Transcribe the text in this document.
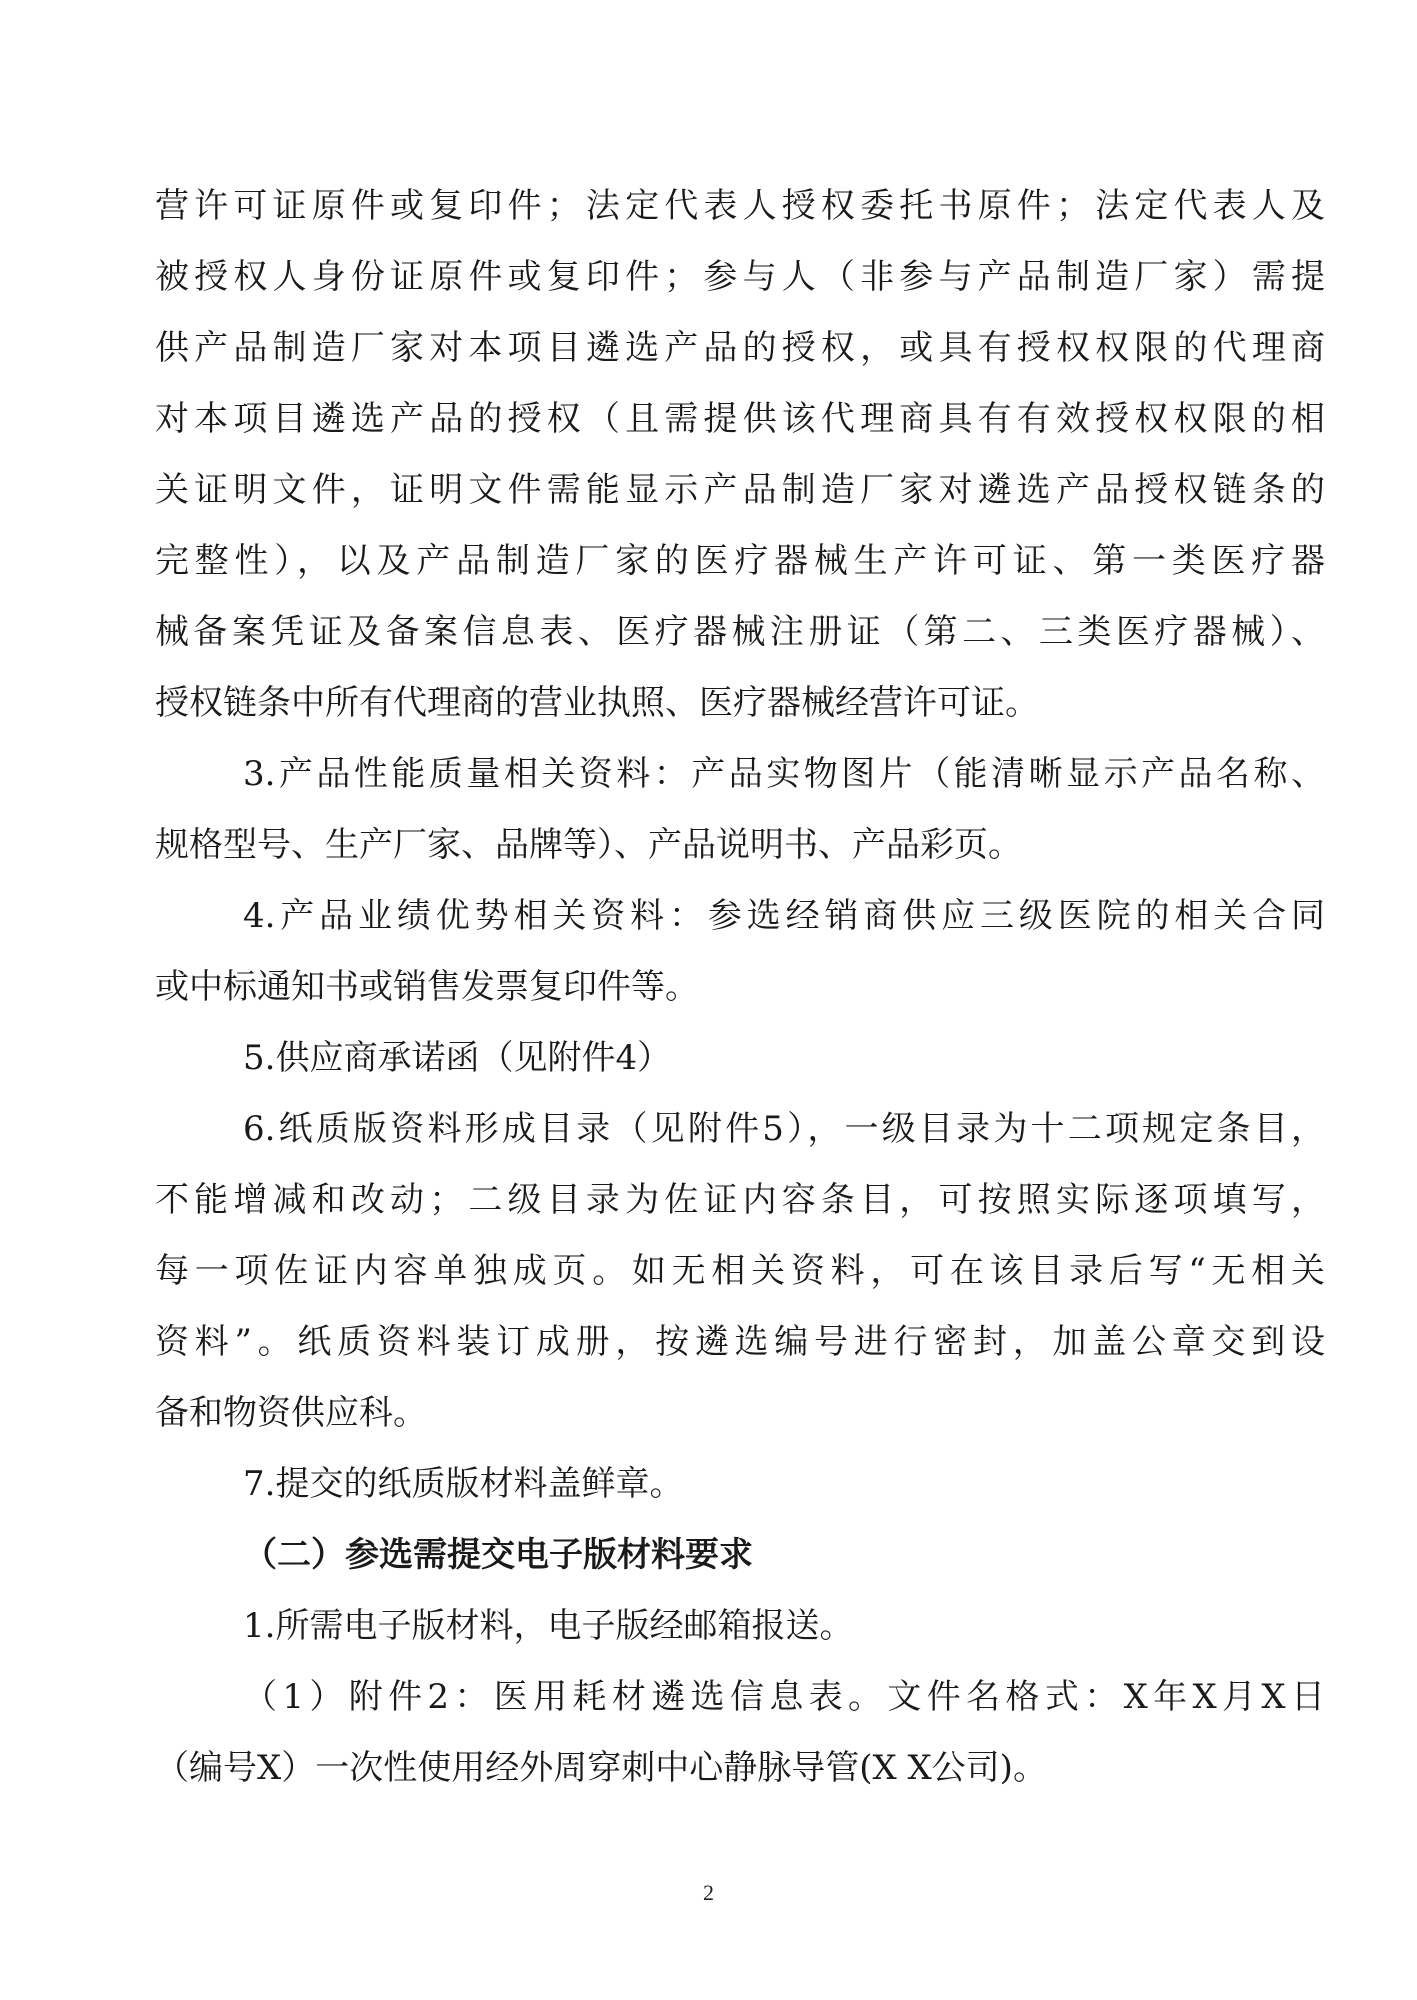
营许可证原件或复印件；法定代表人授权委托书原件；法定代表人及
被授权人身份证原件或复印件；参与人（非参与产品制造厂家）需提
供产品制造厂家对本项目遴选产品的授权，或具有授权权限的代理商
对本项目遴选产品的授权（且需提供该代理商具有有效授权权限的相
关证明文件，证明文件需能显示产品制造厂家对遴选产品授权链条的
完整性），以及产品制造厂家的医疗器械生产许可证、第一类医疗器
械备案凭证及备案信息表、医疗器械注册证（第二、三类医疗器械）、
授权链条中所有代理商的营业执照、医疗器械经营许可证。
3.产品性能质量相关资料：产品实物图片（能清晰显示产品名称、
规格型号、生产厂家、品牌等）、产品说明书、产品彩页。
4.产品业绩优势相关资料：参选经销商供应三级医院的相关合同
或中标通知书或销售发票复印件等。
5.供应商承诺函（见附件4）
6.纸质版资料形成目录（见附件5），一级目录为十二项规定条目，
不能增减和改动；二级目录为佐证内容条目，可按照实际逐项填写，
每一项佐证内容单独成页。如无相关资料，可在该目录后写“无相关
资料”。纸质资料装订成册，按遴选编号进行密封，加盖公章交到设
备和物资供应科。
7.提交的纸质版材料盖鲜章。
（二）参选需提交电子版材料要求
1.所需电子版材料，电子版经邮箱报送。
（1）附件2：医用耗材遴选信息表。文件名格式：X年X月X日
（编号X）一次性使用经外周穿刺中心静脉导管(X X公司)。
2
